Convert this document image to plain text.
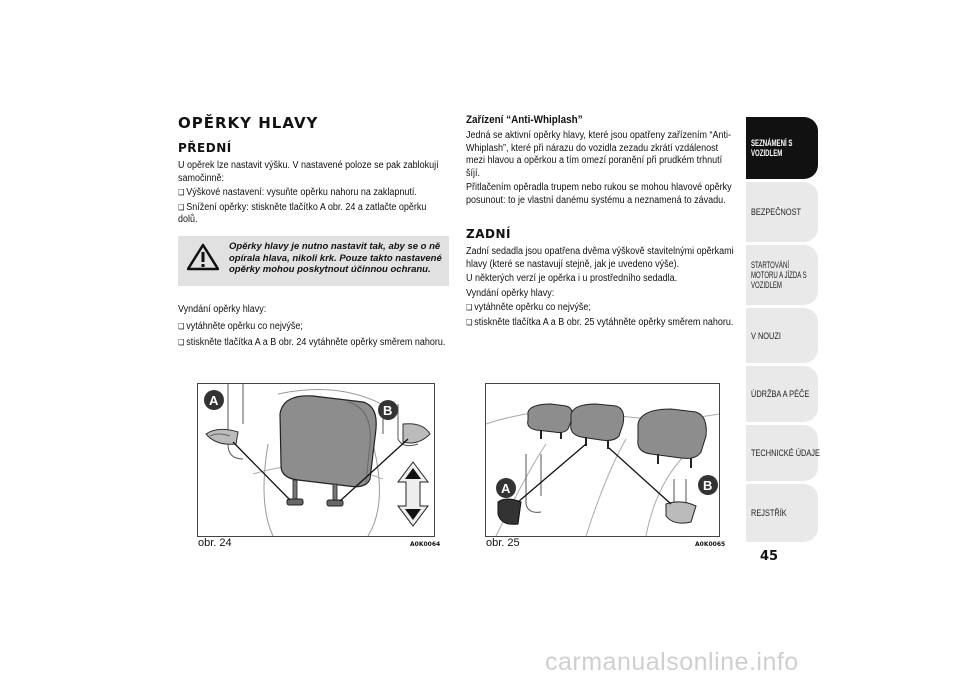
OPĚRKY HLAVY
PŘEDNÍ

U opěrek lze nastavit výšku. V nastavené poloze se pak zablokují samočinně:

❑ Výškové nastavení: vysuňte opěrku nahoru na zaklapnutí.

❑ Snížení opěrky: stiskněte tlačítko A obr. 24 a zatlačte opěrku dolů.

Opěrky hlavy je nutno nastavit tak, aby se o ně opírala hlava, nikoli krk. Pouze takto nastavené opěrky mohou poskytnout účinnou ochranu.

Vyndání opěrky hlavy:

❑ vytáhněte opěrku co nejvýše;

❑ stiskněte tlačítka A a B obr. 24 vytáhněte opěrky směrem nahoru.

A
B
obr. 24	A0K0064
Zařízení “Anti-Whiplash”

Jedná se aktivní opěrky hlavy, které jsou opatřeny zařízením “Anti-Whiplash”, které při nárazu do vozidla zezadu zkrátí vzdálenost mezi hlavou a opěrkou a tím omezí poranění při prudkém trhnutí šíjí.

Přitlačením opěradla trupem nebo rukou se mohou hlavové opěrky posunout: to je vlastní danému systému a neznamená to závadu.

ZADNÍ

Zadní sedadla jsou opatřena dvěma výškově stavitelnými opěrkami hlavy (které se nastavují stejně, jak je uvedeno výše).

U některých verzí je opěrka i u prostředního sedadla.

Vyndání opěrky hlavy:

❑ vytáhněte opěrku co nejvýše;

❑ stiskněte tlačítka A a B obr. 25 vytáhněte opěrky směrem nahoru.

A	B
obr. 25	A0K0065
SEZNÁMENÍ S
VOZIDLEM
BEZPEČNOST
STARTOVÁNÍ
MOTORU A JÍZDA S
VOZIDLEM
V NOUZI
ÚDRŽBA A PÉČE
TECHNICKÉ ÚDAJE
REJSTŘÍK
45
carmanualsonline.info
